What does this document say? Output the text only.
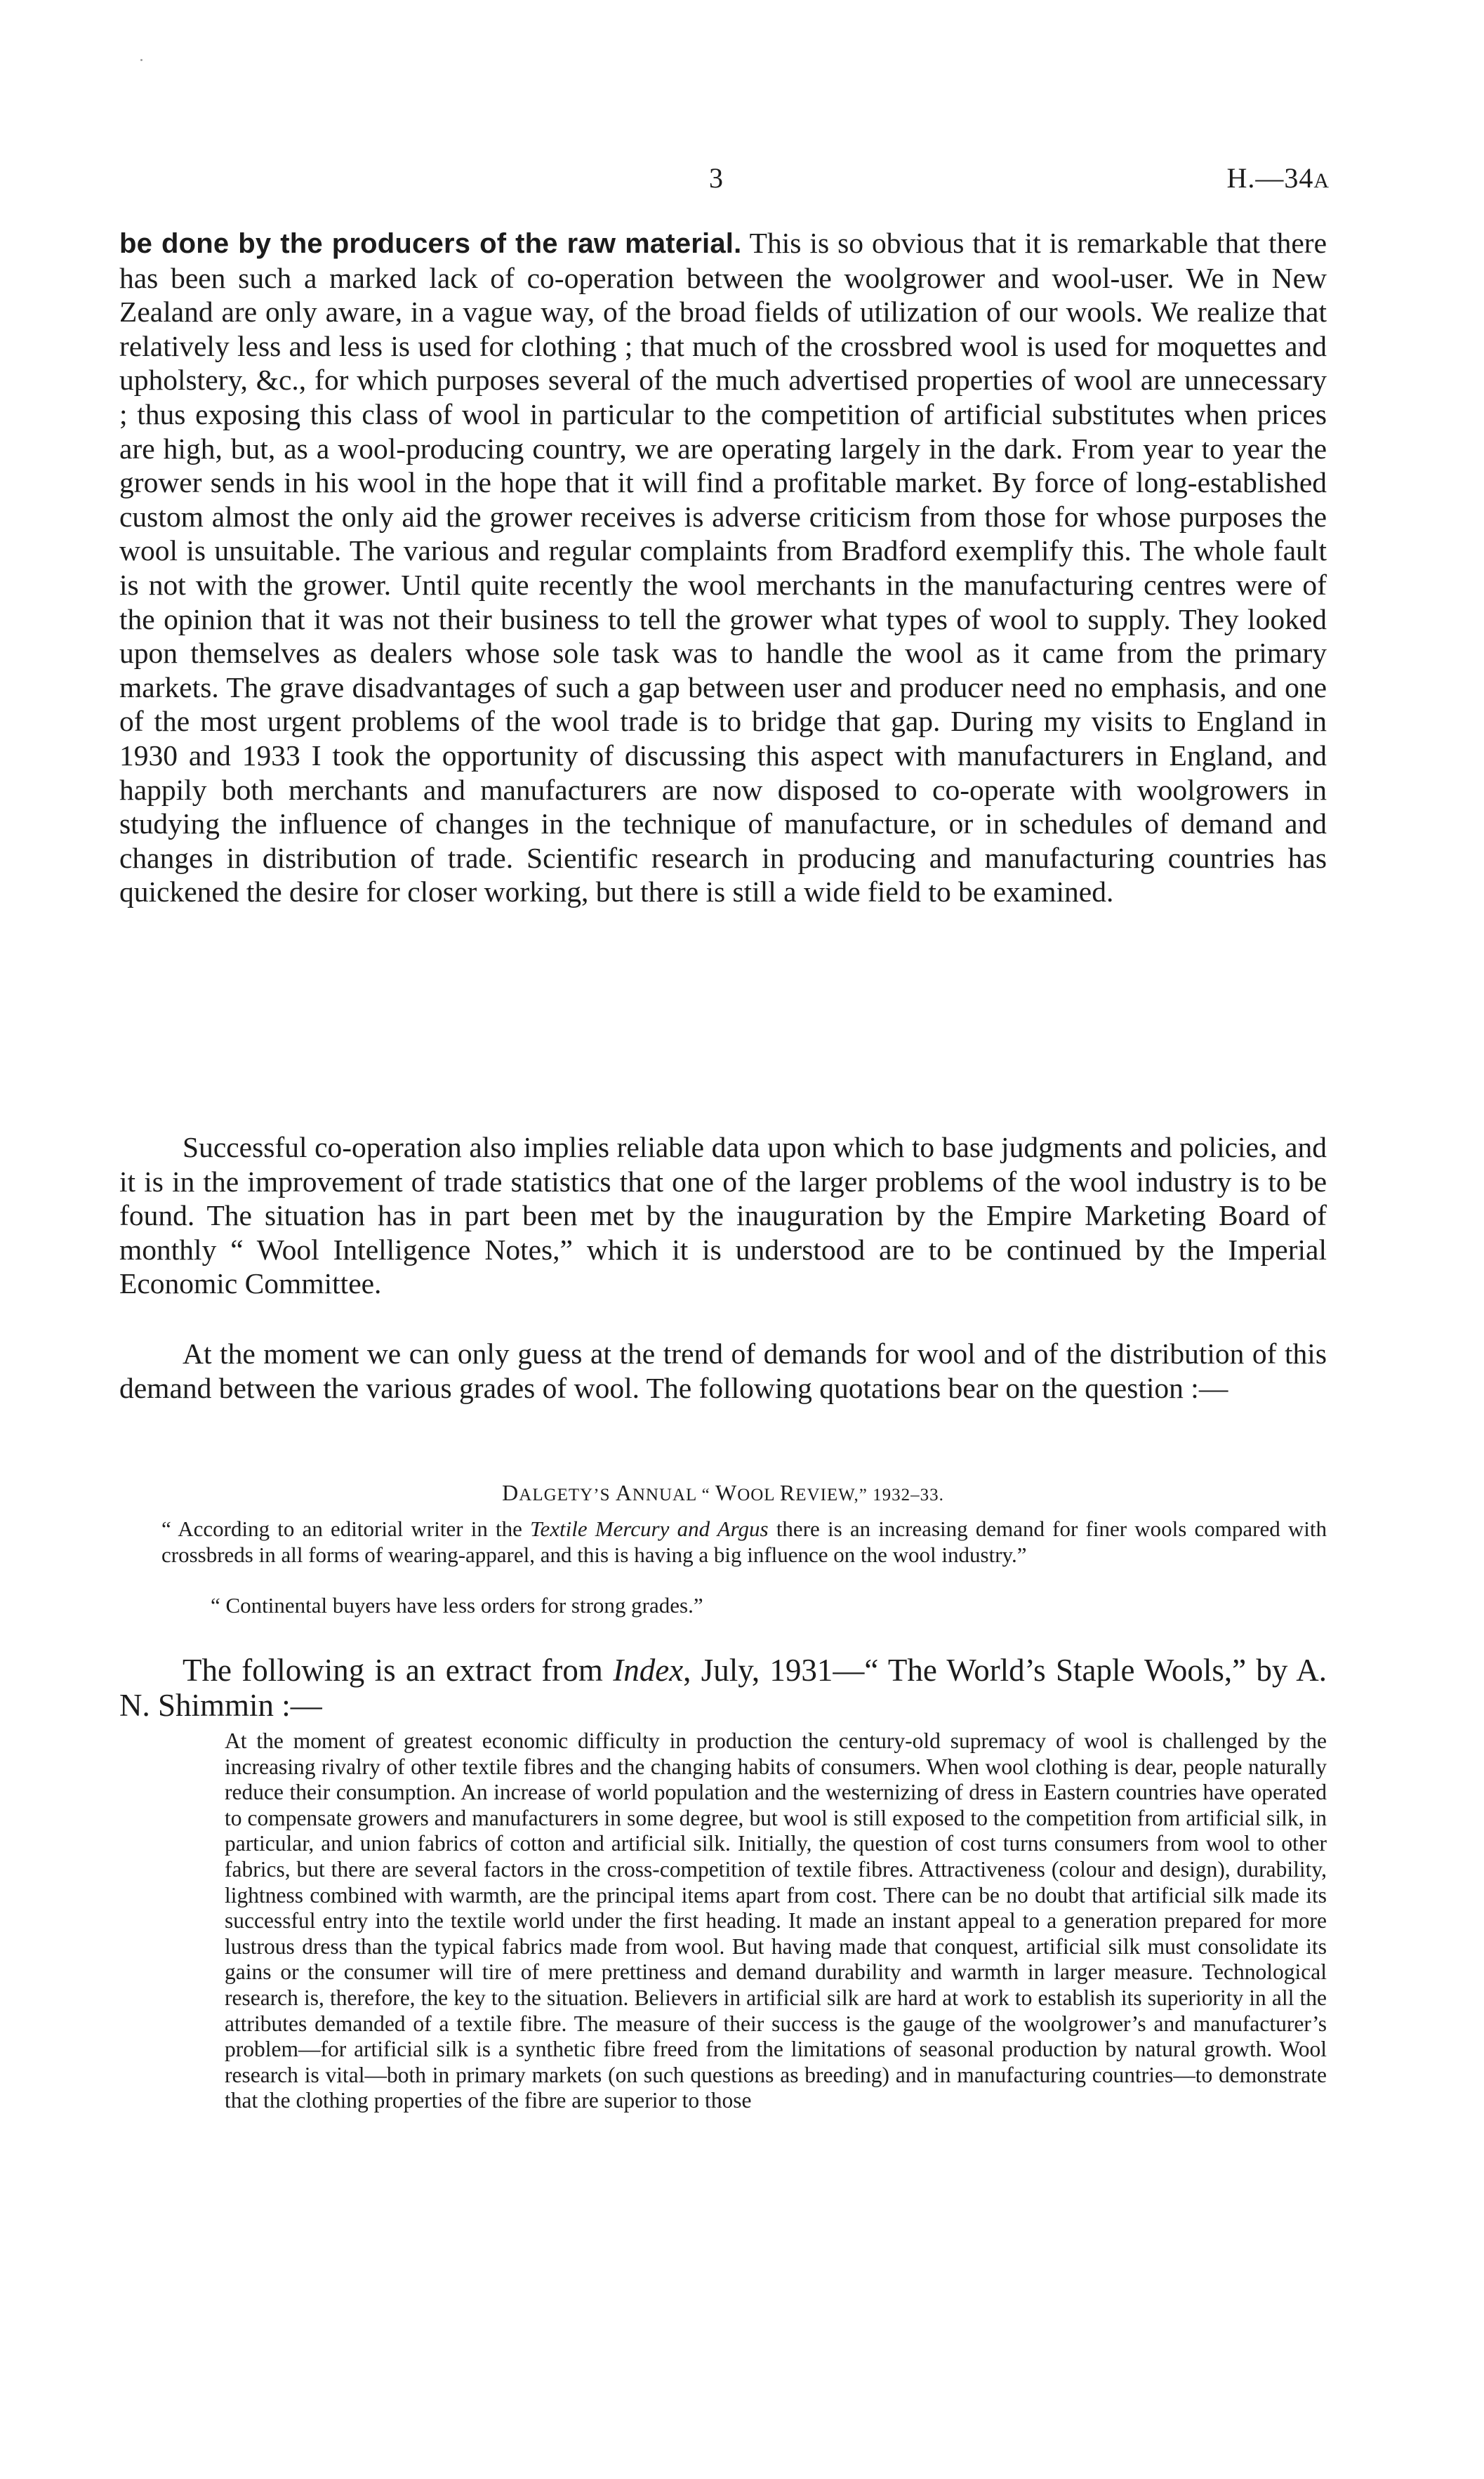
3	H.—34A

be done by the producers of the raw material. This is so obvious that it is remarkable that there has been such a marked lack of co-operation between the woolgrower and wool-user. We in New Zealand are only aware, in a vague way, of the broad fields of utilization of our wools. We realize that relatively less and less is used for clothing ; that much of the crossbred wool is used for moquettes and upholstery, &c., for which purposes several of the much advertised properties of wool are unnecessary ; thus exposing this class of wool in particular to the competition of artificial substitutes when prices are high, but, as a wool-producing country, we are operating largely in the dark. From year to year the grower sends in his wool in the hope that it will find a profitable market. By force of long-established custom almost the only aid the grower receives is adverse criticism from those for whose purposes the wool is unsuitable. The various and regular complaints from Bradford exemplify this. The whole fault is not with the grower. Until quite recently the wool merchants in the manufacturing centres were of the opinion that it was not their business to tell the grower what types of wool to supply. They looked upon themselves as dealers whose sole task was to handle the wool as it came from the primary markets. The grave disadvantages of such a gap between user and producer need no emphasis, and one of the most urgent problems of the wool trade is to bridge that gap. During my visits to England in 1930 and 1933 I took the opportunity of discussing this aspect with manufacturers in England, and happily both merchants and manufacturers are now disposed to co-operate with woolgrowers in studying the influence of changes in the technique of manufacture, or in schedules of demand and changes in distribution of trade. Scientific research in producing and manufacturing countries has quickened the desire for closer working, but there is still a wide field to be examined.

Successful co-operation also implies reliable data upon which to base judgments and policies, and it is in the improvement of trade statistics that one of the larger problems of the wool industry is to be found. The situation has in part been met by the inauguration by the Empire Marketing Board of monthly “ Wool Intelligence Notes,” which it is understood are to be continued by the Imperial Economic Committee.

At the moment we can only guess at the trend of demands for wool and of the distribution of this demand between the various grades of wool. The following quotations bear on the question :—

DALGETY’S ANNUAL “ WOOL REVIEW,” 1932–33.

“ According to an editorial writer in the Textile Mercury and Argus there is an increasing demand for finer wools compared with crossbreds in all forms of wearing-apparel, and this is having a big influence on the wool industry.”

“ Continental buyers have less orders for strong grades.”

The following is an extract from Index, July, 1931—“ The World’s Staple Wools,” by A. N. Shimmin :—

At the moment of greatest economic difficulty in production the century-old supremacy of wool is challenged by the increasing rivalry of other textile fibres and the changing habits of consumers. When wool clothing is dear, people naturally reduce their consumption. An increase of world population and the westernizing of dress in Eastern countries have operated to compensate growers and manufacturers in some degree, but wool is still exposed to the competition from artificial silk, in particular, and union fabrics of cotton and artificial silk. Initially, the question of cost turns consumers from wool to other fabrics, but there are several factors in the cross-competition of textile fibres. Attractiveness (colour and design), durability, lightness combined with warmth, are the principal items apart from cost. There can be no doubt that artificial silk made its successful entry into the textile world under the first heading. It made an instant appeal to a generation prepared for more lustrous dress than the typical fabrics made from wool. But having made that conquest, artificial silk must consolidate its gains or the consumer will tire of mere prettiness and demand durability and warmth in larger measure. Technological research is, therefore, the key to the situation. Believers in artificial silk are hard at work to establish its superiority in all the attributes demanded of a textile fibre. The measure of their success is the gauge of the woolgrower’s and manufacturer’s problem—for artificial silk is a synthetic fibre freed from the limitations of seasonal production by natural growth. Wool research is vital—both in primary markets (on such questions as breeding) and in manufacturing countries—to demonstrate that the clothing properties of the fibre are superior to those
